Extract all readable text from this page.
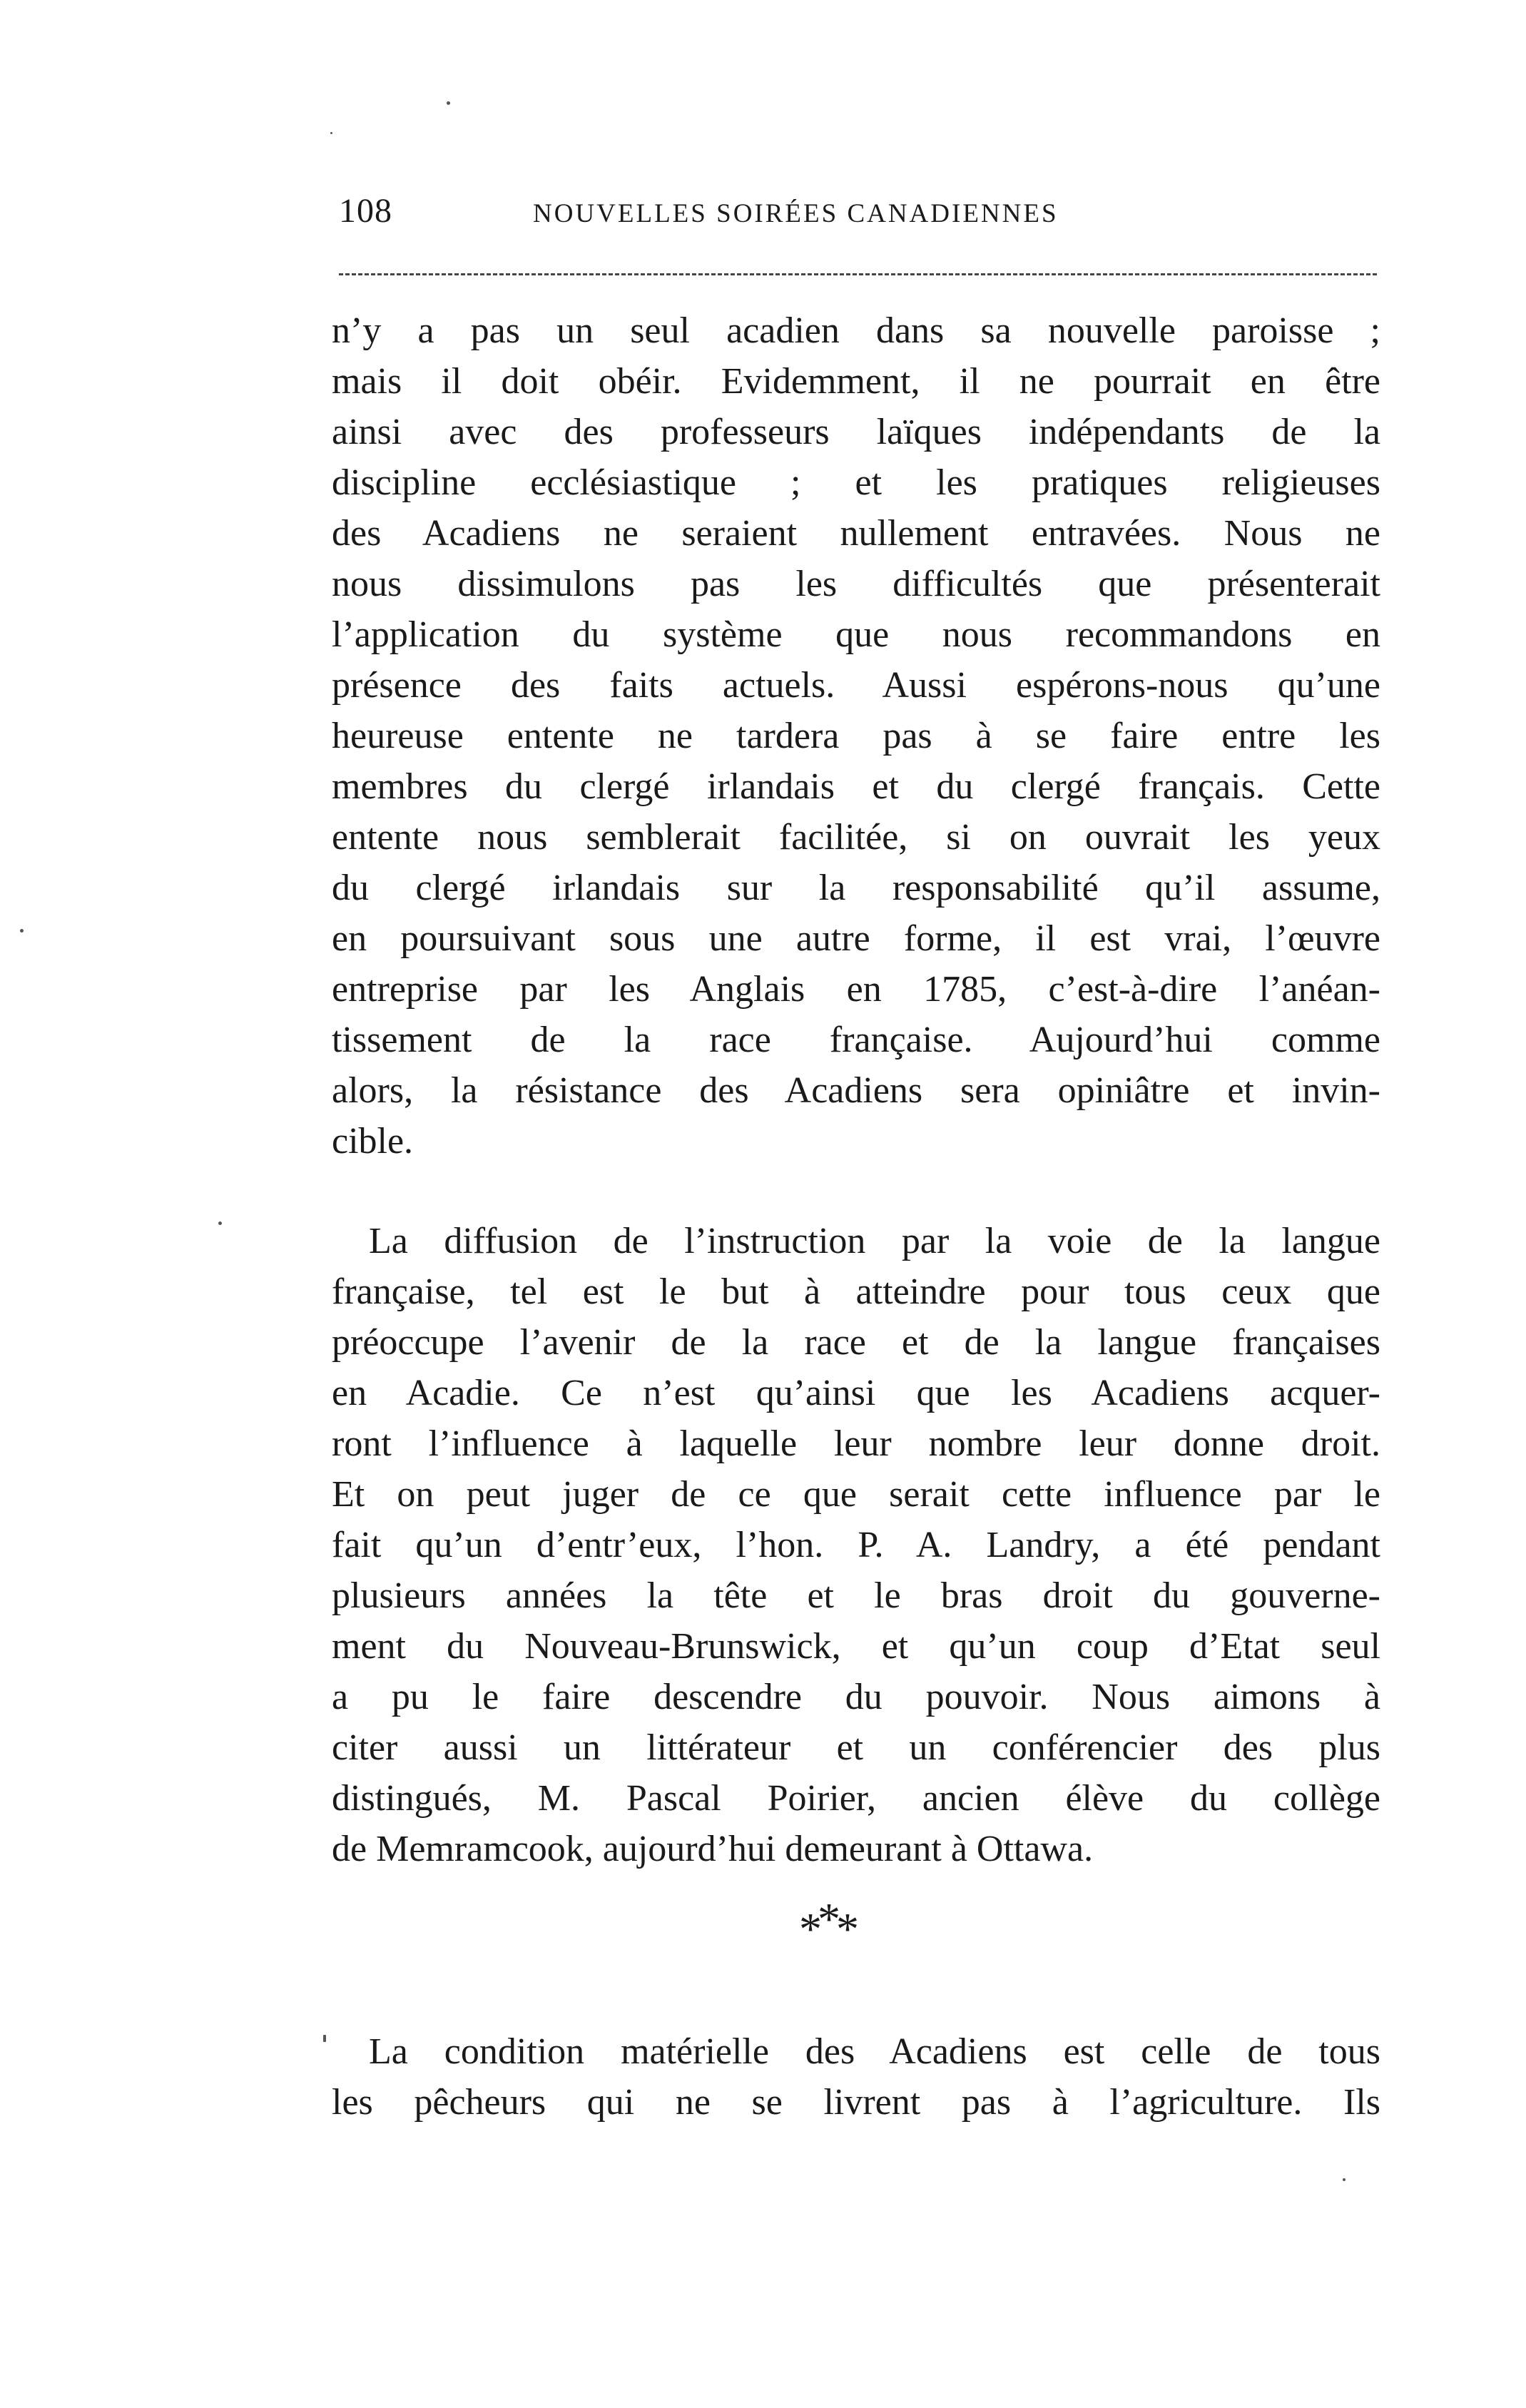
108	NOUVELLES SOIRÉES CANADIENNES
n’y a pas un seul acadien dans sa nouvelle paroisse ;
mais il doit obéir. Evidemment, il ne pourrait en être
ainsi avec des professeurs laïques indépendants de la
discipline ecclésiastique ; et les pratiques religieuses
des Acadiens ne seraient nullement entravées. Nous ne
nous dissimulons pas les difficultés que présenterait
l’application du système que nous recommandons en
présence des faits actuels. Aussi espérons-nous qu’une
heureuse entente ne tardera pas à se faire entre les
membres du clergé irlandais et du clergé français. Cette
entente nous semblerait facilitée, si on ouvrait les yeux
du clergé irlandais sur la responsabilité qu’il assume,
en poursuivant sous une autre forme, il est vrai, l’œuvre
entreprise par les Anglais en 1785, c’est-à-dire l’anéan-
tissement de la race française. Aujourd’hui comme
alors, la résistance des Acadiens sera opiniâtre et invin-
cible.
La diffusion de l’instruction par la voie de la langue
française, tel est le but à atteindre pour tous ceux que
préoccupe l’avenir de la race et de la langue françaises
en Acadie. Ce n’est qu’ainsi que les Acadiens acquer-
ront l’influence à laquelle leur nombre leur donne droit.
Et on peut juger de ce que serait cette influence par le
fait qu’un d’entr’eux, l’hon. P. A. Landry, a été pendant
plusieurs années la tête et le bras droit du gouverne-
ment du Nouveau-Brunswick, et qu’un coup d’Etat seul
a pu le faire descendre du pouvoir. Nous aimons à
citer aussi un littérateur et un conférencier des plus
distingués, M. Pascal Poirier, ancien élève du collège
de Memramcook, aujourd’hui demeurant à Ottawa.
***
La condition matérielle des Acadiens est celle de tous
les pêcheurs qui ne se livrent pas à l’agriculture. Ils
